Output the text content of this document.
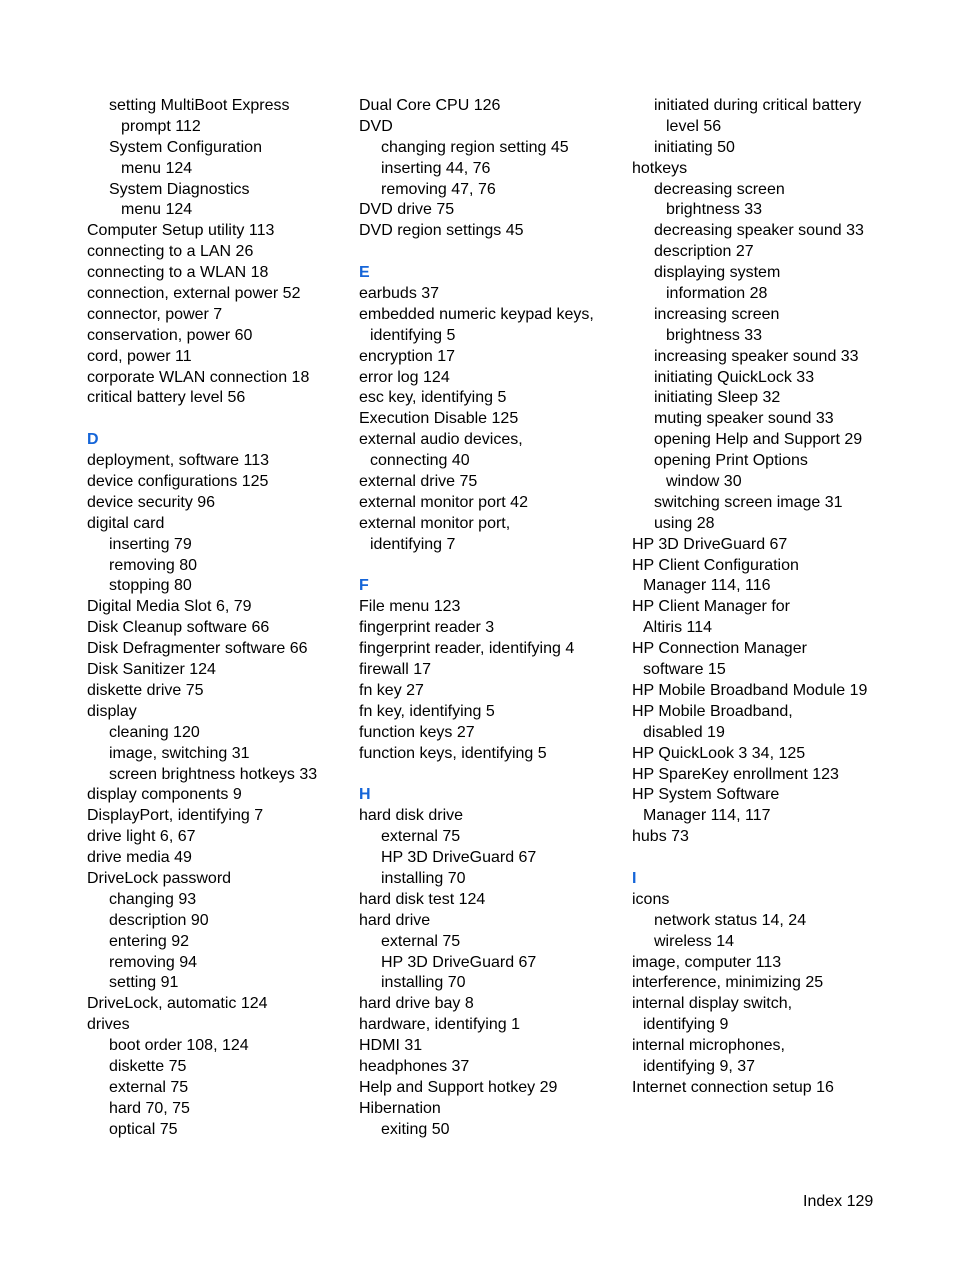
setting MultiBoot Express
prompt 112
System Configuration
menu 124
System Diagnostics
menu 124
Computer Setup utility 113
connecting to a LAN 26
connecting to a WLAN 18
connection, external power 52
connector, power 7
conservation, power 60
cord, power 11
corporate WLAN connection 18
critical battery level 56
D
deployment, software 113
device configurations 125
device security 96
digital card
inserting 79
removing 80
stopping 80
Digital Media Slot 6, 79
Disk Cleanup software 66
Disk Defragmenter software 66
Disk Sanitizer 124
diskette drive 75
display
cleaning 120
image, switching 31
screen brightness hotkeys 33
display components 9
DisplayPort, identifying 7
drive light 6, 67
drive media 49
DriveLock password
changing 93
description 90
entering 92
removing 94
setting 91
DriveLock, automatic 124
drives
boot order 108, 124
diskette 75
external 75
hard 70, 75
optical 75
Dual Core CPU 126
DVD
changing region setting 45
inserting 44, 76
removing 47, 76
DVD drive 75
DVD region settings 45
E
earbuds 37
embedded numeric keypad keys,
identifying 5
encryption 17
error log 124
esc key, identifying 5
Execution Disable 125
external audio devices,
connecting 40
external drive 75
external monitor port 42
external monitor port,
identifying 7
F
File menu 123
fingerprint reader 3
fingerprint reader, identifying 4
firewall 17
fn key 27
fn key, identifying 5
function keys 27
function keys, identifying 5
H
hard disk drive
external 75
HP 3D DriveGuard 67
installing 70
hard disk test 124
hard drive
external 75
HP 3D DriveGuard 67
installing 70
hard drive bay 8
hardware, identifying 1
HDMI 31
headphones 37
Help and Support hotkey 29
Hibernation
exiting 50
initiated during critical battery
level 56
initiating 50
hotkeys
decreasing screen
brightness 33
decreasing speaker sound 33
description 27
displaying system
information 28
increasing screen
brightness 33
increasing speaker sound 33
initiating QuickLock 33
initiating Sleep 32
muting speaker sound 33
opening Help and Support 29
opening Print Options
window 30
switching screen image 31
using 28
HP 3D DriveGuard 67
HP Client Configuration
Manager 114, 116
HP Client Manager for
Altiris 114
HP Connection Manager
software 15
HP Mobile Broadband Module 19
HP Mobile Broadband,
disabled 19
HP QuickLook 3 34, 125
HP SpareKey enrollment 123
HP System Software
Manager 114, 117
hubs 73
I
icons
network status 14, 24
wireless 14
image, computer 113
interference, minimizing 25
internal display switch,
identifying 9
internal microphones,
identifying 9, 37
Internet connection setup 16
Index 129
